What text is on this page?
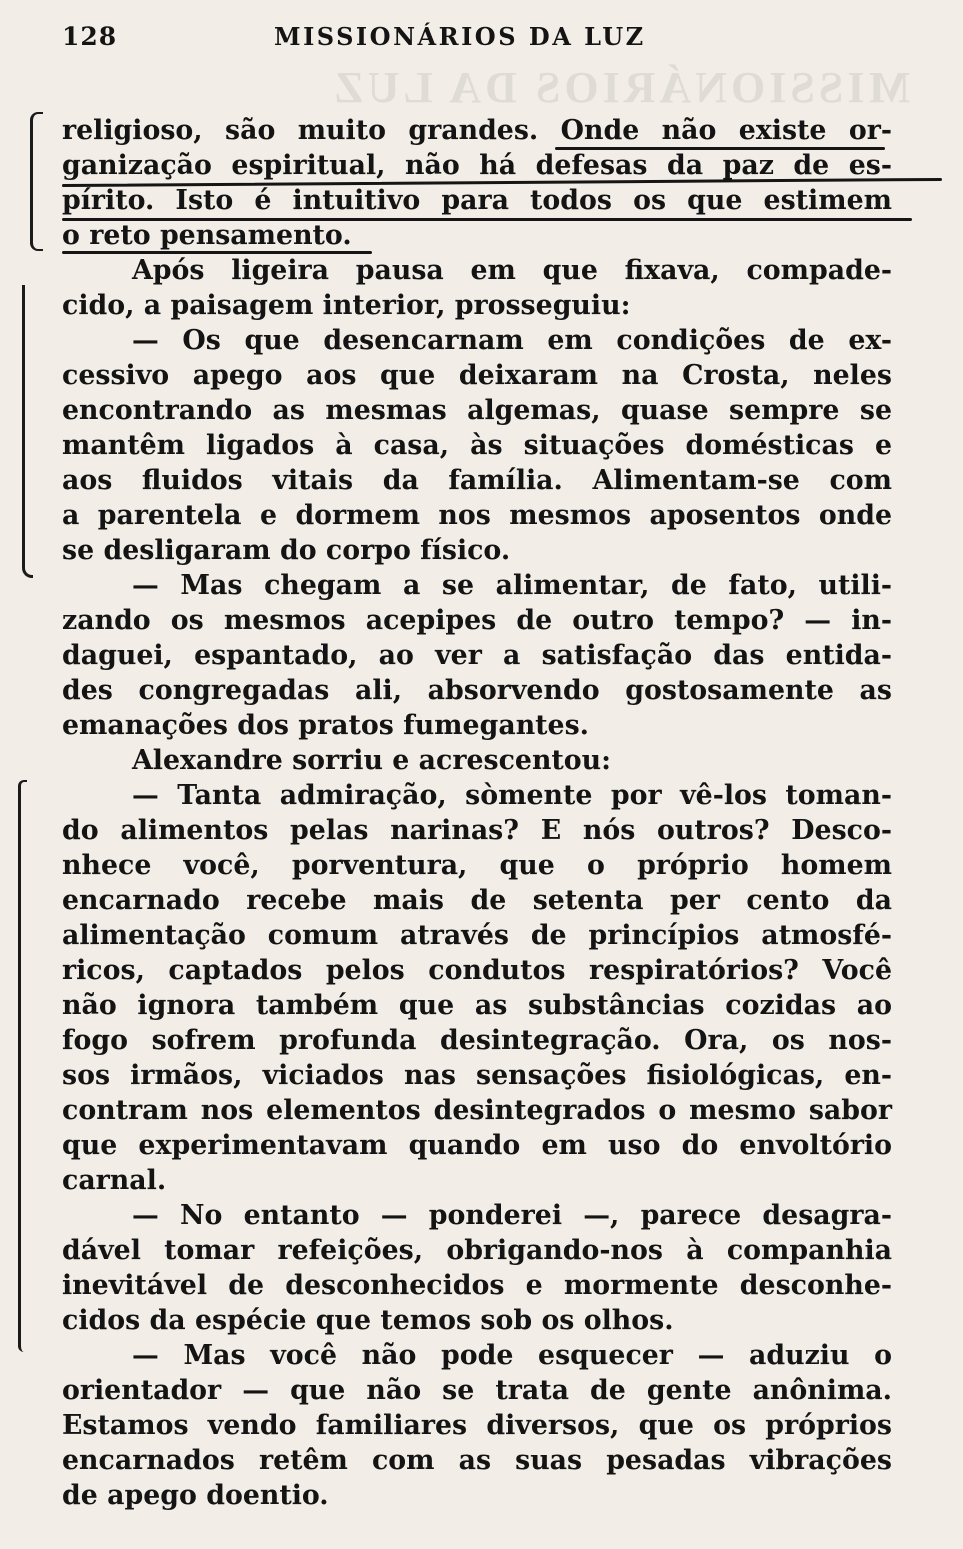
MISSIONÁRIOS DA LUZ
128	MISSIONÁRIOS DA LUZ
religioso, são muito grandes. Onde não existe or-
ganização espiritual, não há defesas da paz de es-
pírito. Isto é intuitivo para todos os que estimem
o reto pensamento.
Após ligeira pausa em que fixava, compade-
cido, a paisagem interior, prosseguiu:
— Os que desencarnam em condições de ex-
cessivo apego aos que deixaram na Crosta, neles
encontrando as mesmas algemas, quase sempre se
mantêm ligados à casa, às situações domésticas e
aos fluidos vitais da família. Alimentam-se com
a parentela e dormem nos mesmos aposentos onde
se desligaram do corpo físico.
— Mas chegam a se alimentar, de fato, utili-
zando os mesmos acepipes de outro tempo? — in-
daguei, espantado, ao ver a satisfação das entida-
des congregadas ali, absorvendo gostosamente as
emanações dos pratos fumegantes.
Alexandre sorriu e acrescentou:
— Tanta admiração, sòmente por vê-los toman-
do alimentos pelas narinas? E nós outros? Desco-
nhece você, porventura, que o próprio homem
encarnado recebe mais de setenta per cento da
alimentação comum através de princípios atmosfé-
ricos, captados pelos condutos respiratórios? Você
não ignora também que as substâncias cozidas ao
fogo sofrem profunda desintegração. Ora, os nos-
sos irmãos, viciados nas sensações fisiológicas, en-
contram nos elementos desintegrados o mesmo sabor
que experimentavam quando em uso do envoltório
carnal.
— No entanto — ponderei —, parece desagra-
dável tomar refeições, obrigando-nos à companhia
inevitável de desconhecidos e mormente desconhe-
cidos da espécie que temos sob os olhos.
— Mas você não pode esquecer — aduziu o
orientador — que não se trata de gente anônima.
Estamos vendo familiares diversos, que os próprios
encarnados retêm com as suas pesadas vibrações
de apego doentio.
